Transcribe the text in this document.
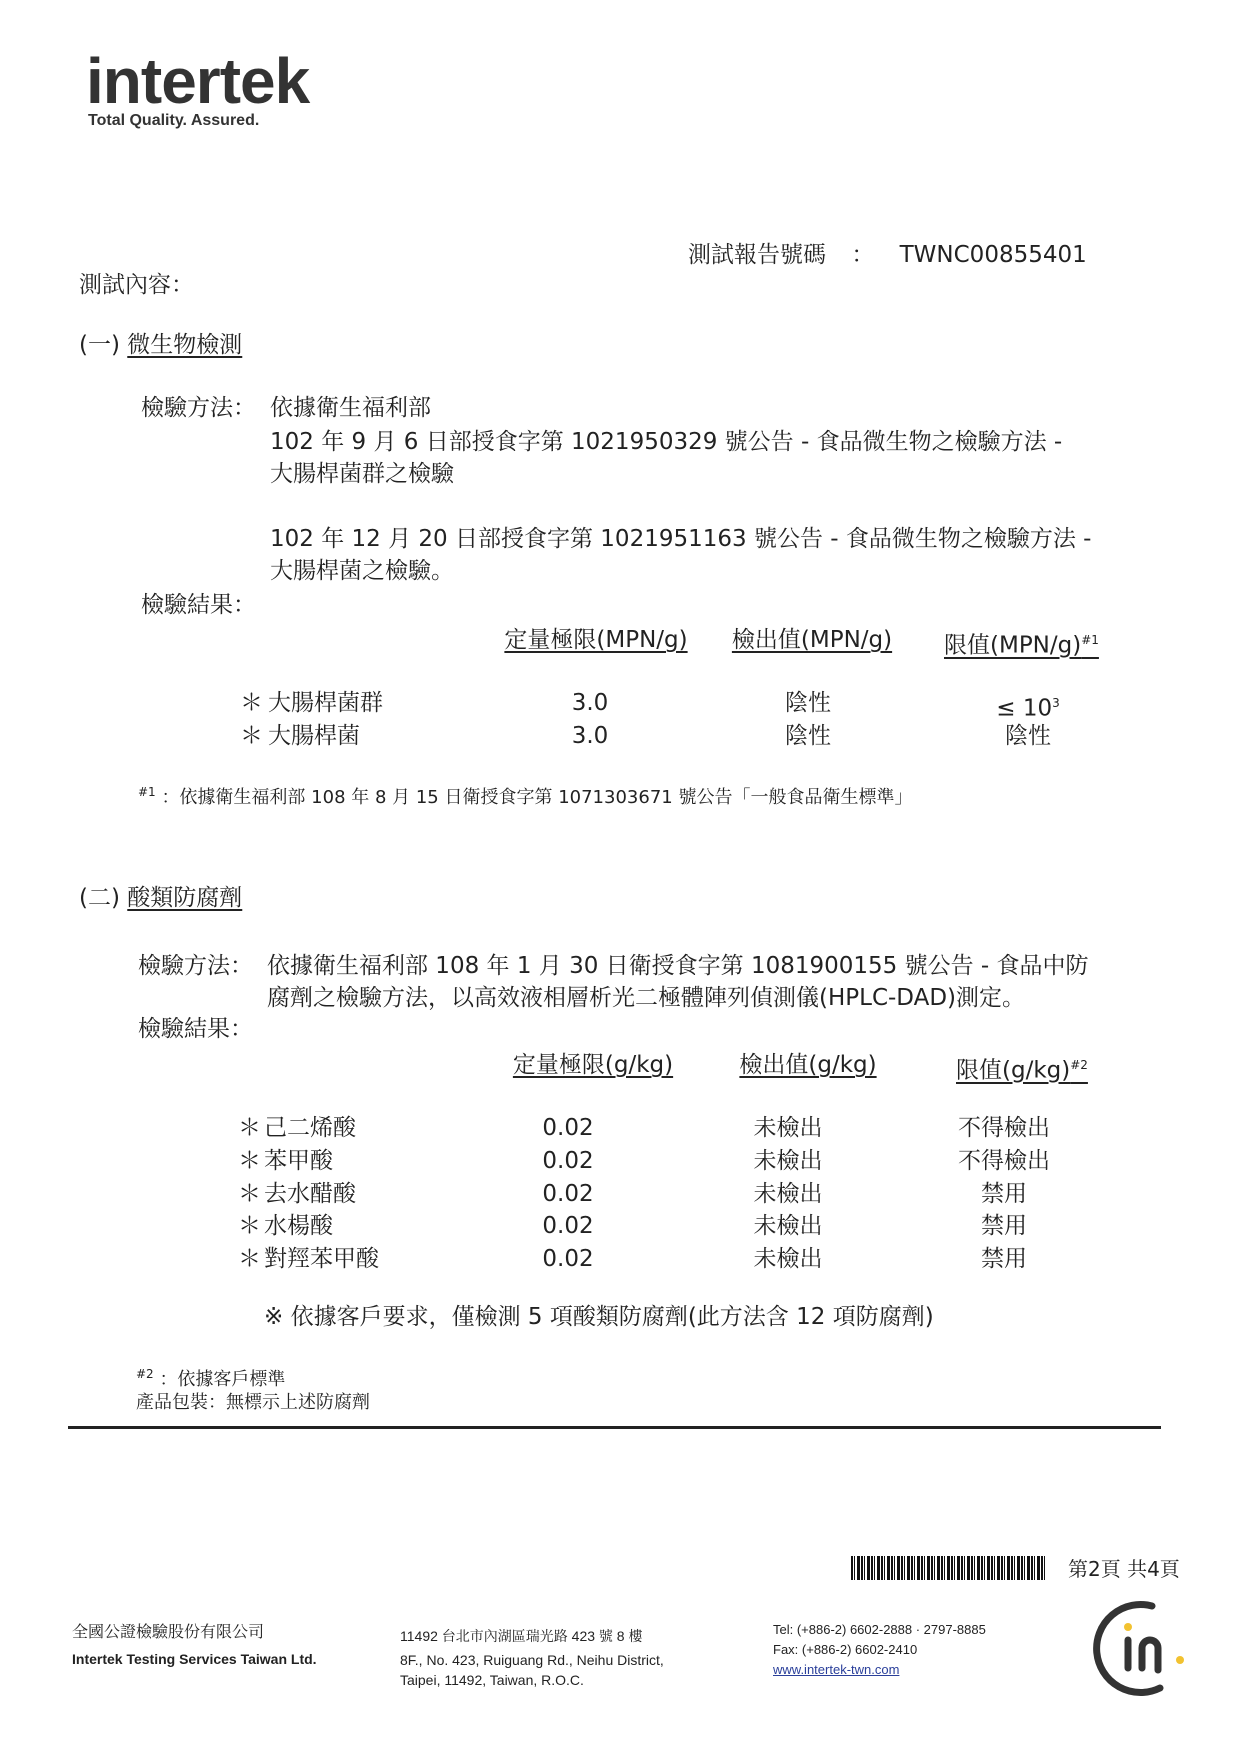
intertek
Total Quality. Assured.
測試報告號碼 ： TWNC00855401
測試內容：
(一) 微生物檢測
檢驗方法： 依據衛生福利部
102 年 9 月 6 日部授食字第 1021950329 號公告 - 食品微生物之檢驗方法 -
大腸桿菌群之檢驗
102 年 12 月 20 日部授食字第 1021951163 號公告 - 食品微生物之檢驗方法 -
大腸桿菌之檢驗。
檢驗結果：
定量極限(MPN/g)	檢出值(MPN/g)	限值$(MPN/g)^{\#1}$
＊ 大腸桿菌群	3.0	陰性	≤ $10^3$
＊ 大腸桿菌	3.0	陰性	陰性
$^{\#1}$ ：依據衛生福利部 108 年 8 月 15 日衛授食字第 1071303671 號公告「一般食品衛生標準」
(二) 酸類防腐劑
檢驗方法： 依據衛生福利部 108 年 1 月 30 日衛授食字第 1081900155 號公告 - 食品中防
腐劑之檢驗方法，以高效液相層析光二極體陣列偵測儀(HPLC-DAD)測定。
檢驗結果：
定量極限(g/kg)	檢出值(g/kg)	限值$(g/kg)^{\#2}$
＊ 己二烯酸	0.02	未檢出	不得檢出
＊ 苯甲酸	0.02	未檢出	不得檢出
＊ 去水醋酸	0.02	未檢出	禁用
＊ 水楊酸	0.02	未檢出	禁用
＊ 對羥苯甲酸	0.02	未檢出	禁用
※ 依據客戶要求，僅檢測 5 項酸類防腐劑(此方法含 12 項防腐劑)
$^{\#2}$ ：依據客戶標準
產品包裝：無標示上述防腐劑
第2頁 共4頁
全國公證檢驗股份有限公司
Intertek Testing Services Taiwan Ltd.
11492 台北市內湖區瑞光路 423 號 8 樓
8F., No. 423, Ruiguang Rd., Neihu District,
Taipei, 11492, Taiwan, R.O.C.
Tel: (+886-2) 6602-2888 · 2797-8885
Fax: (+886-2) 6602-2410
www.intertek-twn.com
